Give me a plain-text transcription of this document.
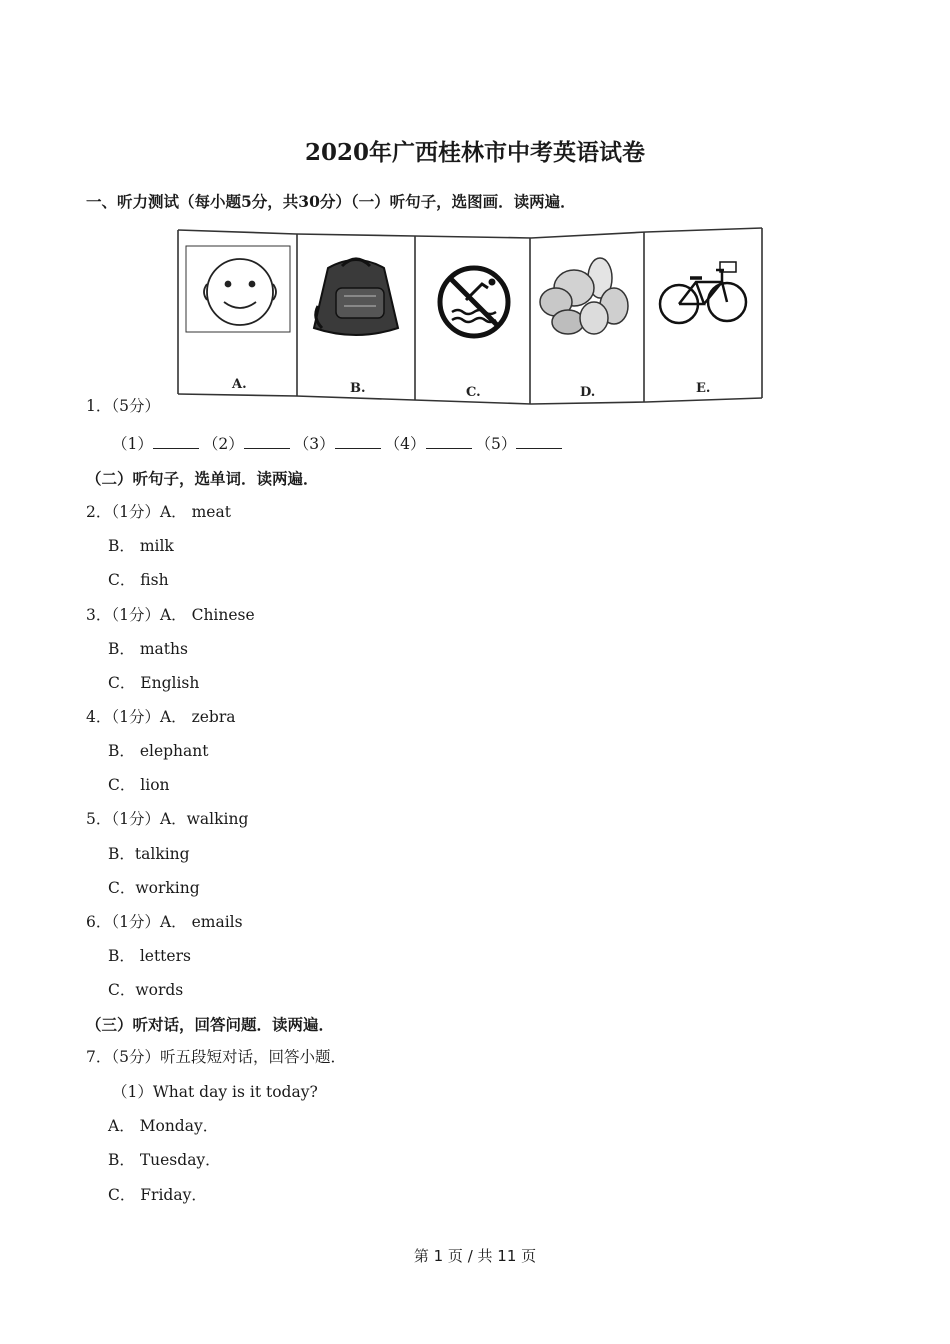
2020年广西桂林市中考英语试卷
一、听力测试（每小题5分，共30分）（一）听句子，选图画．读两遍．
A.	B.	C.	D.	E.
1．（5分）
（1）	（2）	（3）	（4）	（5）
（二）听句子，选单词．读两遍．
2．（1分）A． meat
B． milk
C． fish
3．（1分）A． Chinese
B． maths
C． English
4．（1分）A． zebra
B． elephant
C． lion
5．（1分）A．walking
B．talking
C．working
6．（1分）A． emails
B． letters
C．words
（三）听对话，回答问题．读两遍．
7．（5分）听五段短对话，回答小题．
（1）What day is it today?
A． Monday．
B． Tuesday．
C． Friday．
第 1 页 / 共 11 页
